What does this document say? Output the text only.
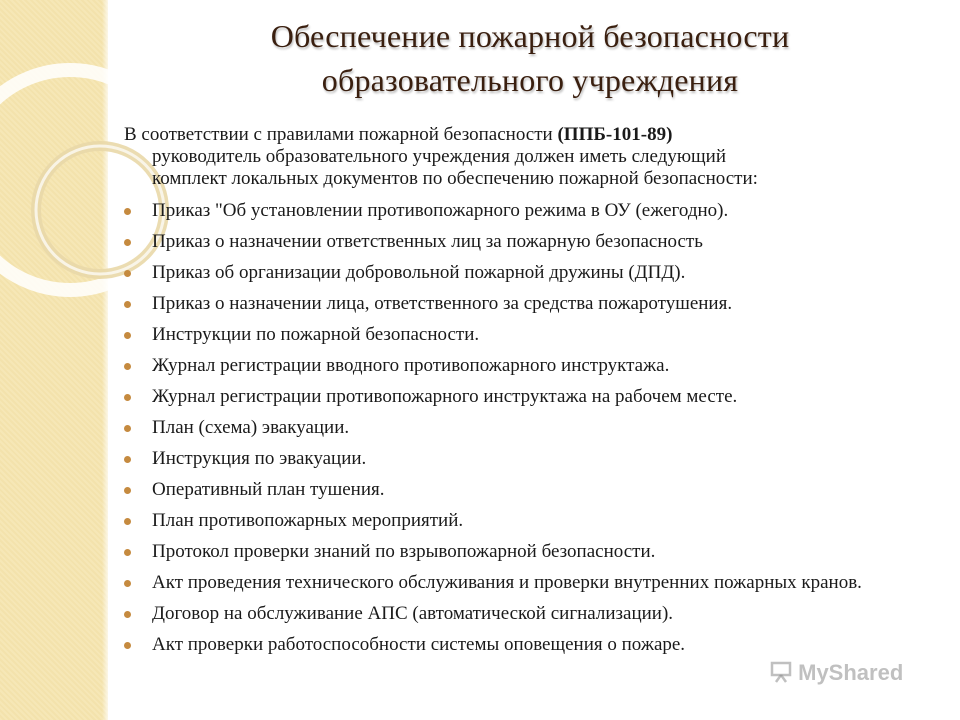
Обеспечение пожарной безопасности
образовательного учреждения
В соответствии с правилами пожарной безопасности (ППБ-101-89)
руководитель образовательного учреждения должен иметь следующий
комплект локальных документов по обеспечению пожарной безопасности:
Приказ "Об установлении противопожарного режима в ОУ (ежегодно).
Приказ о назначении ответственных лиц за пожарную безопасность
Приказ об организации добровольной пожарной дружины (ДПД).
Приказ о назначении лица, ответственного за средства пожаротушения.
Инструкции по пожарной безопасности.
Журнал регистрации вводного противопожарного инструктажа.
Журнал регистрации противопожарного инструктажа на рабочем месте.
План (схема) эвакуации.
Инструкция по эвакуации.
Оперативный план тушения.
План противопожарных мероприятий.
Протокол проверки знаний по взрывопожарной безопасности.
Акт проведения технического обслуживания и проверки внутренних пожарных кранов.
Договор на обслуживание АПС (автоматической сигнализации).
Акт проверки работоспособности системы оповещения о пожаре.
MyShared
